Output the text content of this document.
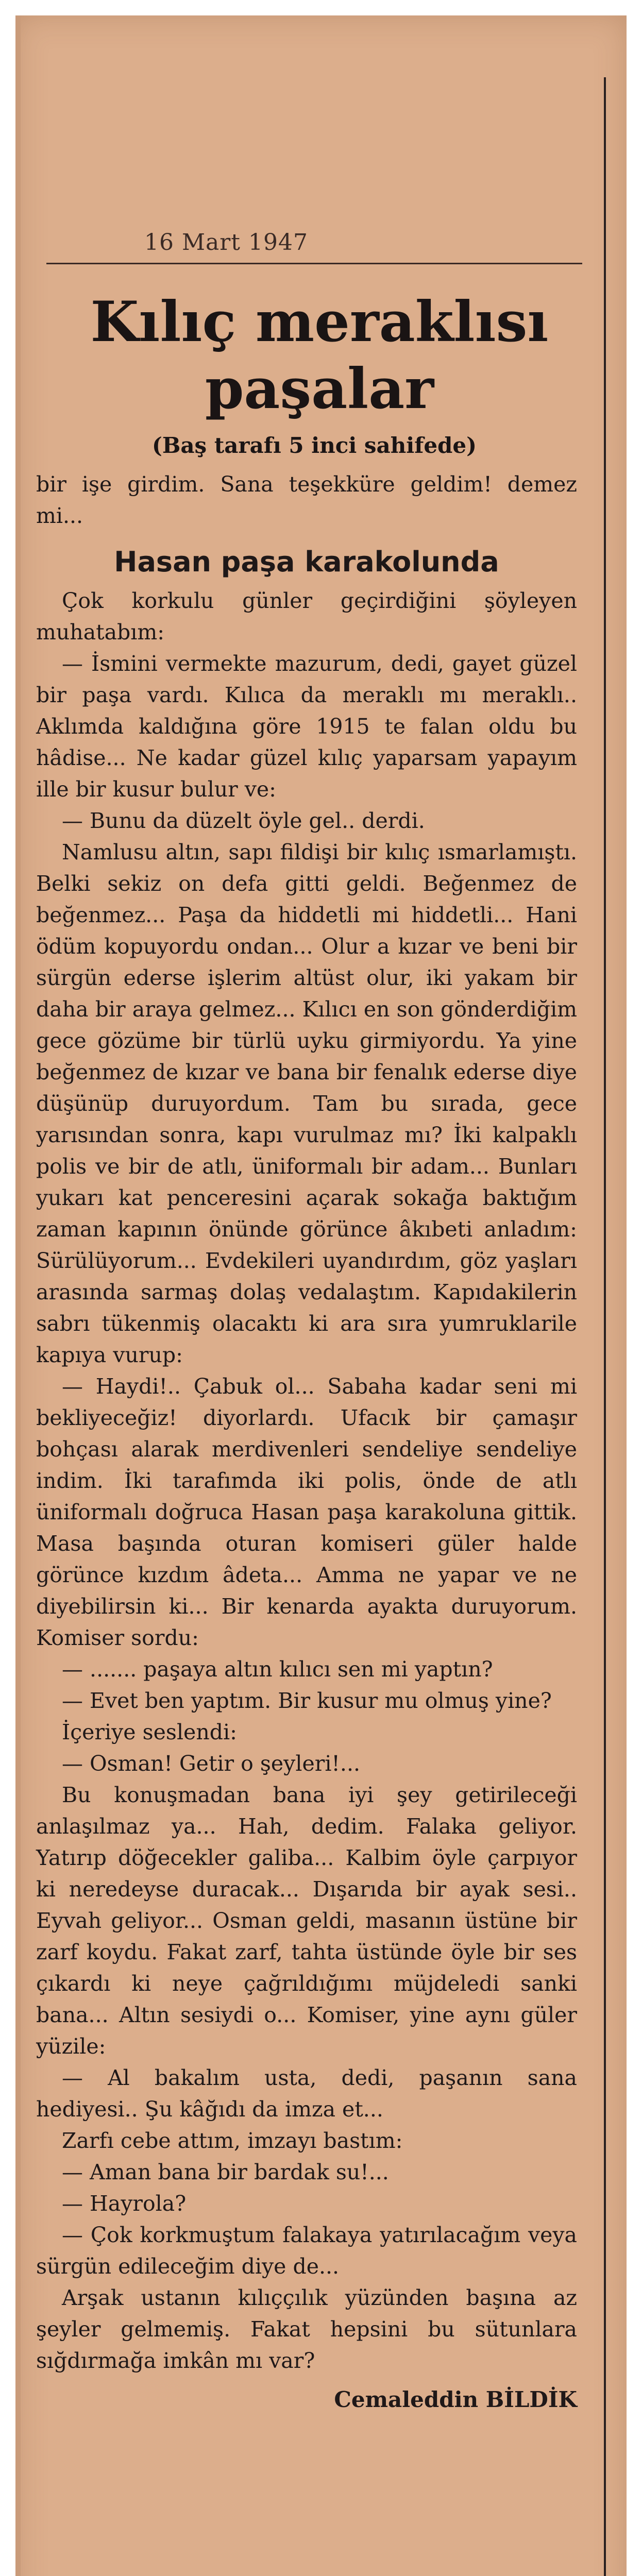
16 Mart 1947
Kılıç meraklısı
paşalar
(Baş tarafı 5 inci sahifede)

bir işe girdim. Sana teşekküre geldim! demez mi...

Hasan paşa karakolunda

Çok korkulu günler geçirdiğini şöyleyen muhatabım:

— İsmini vermekte mazurum, dedi, gayet güzel bir paşa vardı. Kılıca da meraklı mı meraklı.. Aklımda kaldığına göre 1915 te falan oldu bu hâdise... Ne kadar güzel kılıç yaparsam yapayım ille bir kusur bulur ve:

— Bunu da düzelt öyle gel.. derdi.

Namlusu altın, sapı fildişi bir kılıç ısmarlamıştı. Belki sekiz on defa gitti geldi. Beğenmez de beğenmez... Paşa da hiddetli mi hiddetli... Hani ödüm kopuyordu ondan... Olur a kızar ve beni bir sürgün ederse işlerim altüst olur, iki yakam bir daha bir araya gelmez... Kılıcı en son gönderdiğim gece gözüme bir türlü uyku girmiyordu. Ya yine beğenmez de kızar ve bana bir fenalık ederse diye düşünüp duruyordum. Tam bu sırada, gece yarısından sonra, kapı vurulmaz mı? İki kalpaklı polis ve bir de atlı, üniformalı bir adam... Bunları yukarı kat penceresini açarak sokağa baktığım zaman kapının önünde görünce âkıbeti anladım: Sürülüyorum... Evdekileri uyandırdım, göz yaşları arasında sarmaş dolaş vedalaştım. Kapıdakilerin sabrı tükenmiş olacaktı ki ara sıra yumruklarile kapıya vurup:

— Haydi!.. Çabuk ol... Sabaha kadar seni mi bekliyeceğiz! diyorlardı. Ufacık bir çamaşır bohçası alarak merdivenleri sendeliye sendeliye indim. İki tarafımda iki polis, önde de atlı üniformalı doğruca Hasan paşa karakoluna gittik. Masa başında oturan komiseri güler halde görünce kızdım âdeta... Amma ne yapar ve ne diyebilirsin ki... Bir kenarda ayakta duruyorum. Komiser sordu:

— ....... paşaya altın kılıcı sen mi yaptın?

— Evet ben yaptım. Bir kusur mu olmuş yine?

İçeriye seslendi:

— Osman! Getir o şeyleri!...

Bu konuşmadan bana iyi şey getirileceği anlaşılmaz ya... Hah, dedim. Falaka geliyor. Yatırıp döğecekler galiba... Kalbim öyle çarpıyor ki neredeyse duracak... Dışarıda bir ayak sesi.. Eyvah geliyor... Osman geldi, masanın üstüne bir zarf koydu. Fakat zarf, tahta üstünde öyle bir ses çıkardı ki neye çağrıldığımı müjdeledi sanki bana... Altın sesiydi o... Komiser, yine aynı güler yüzile:

— Al bakalım usta, dedi, paşanın sana hediyesi.. Şu kâğıdı da imza et...

Zarfı cebe attım, imzayı bastım:

— Aman bana bir bardak su!...

— Hayrola?

— Çok korkmuştum falakaya yatırılacağım veya sürgün edileceğim diye de...

Arşak ustanın kılıççılık yüzünden başına az şeyler gelmemiş. Fakat hepsini bu sütunlara sığdırmağa imkân mı var?

Cemaleddin BİLDİK
